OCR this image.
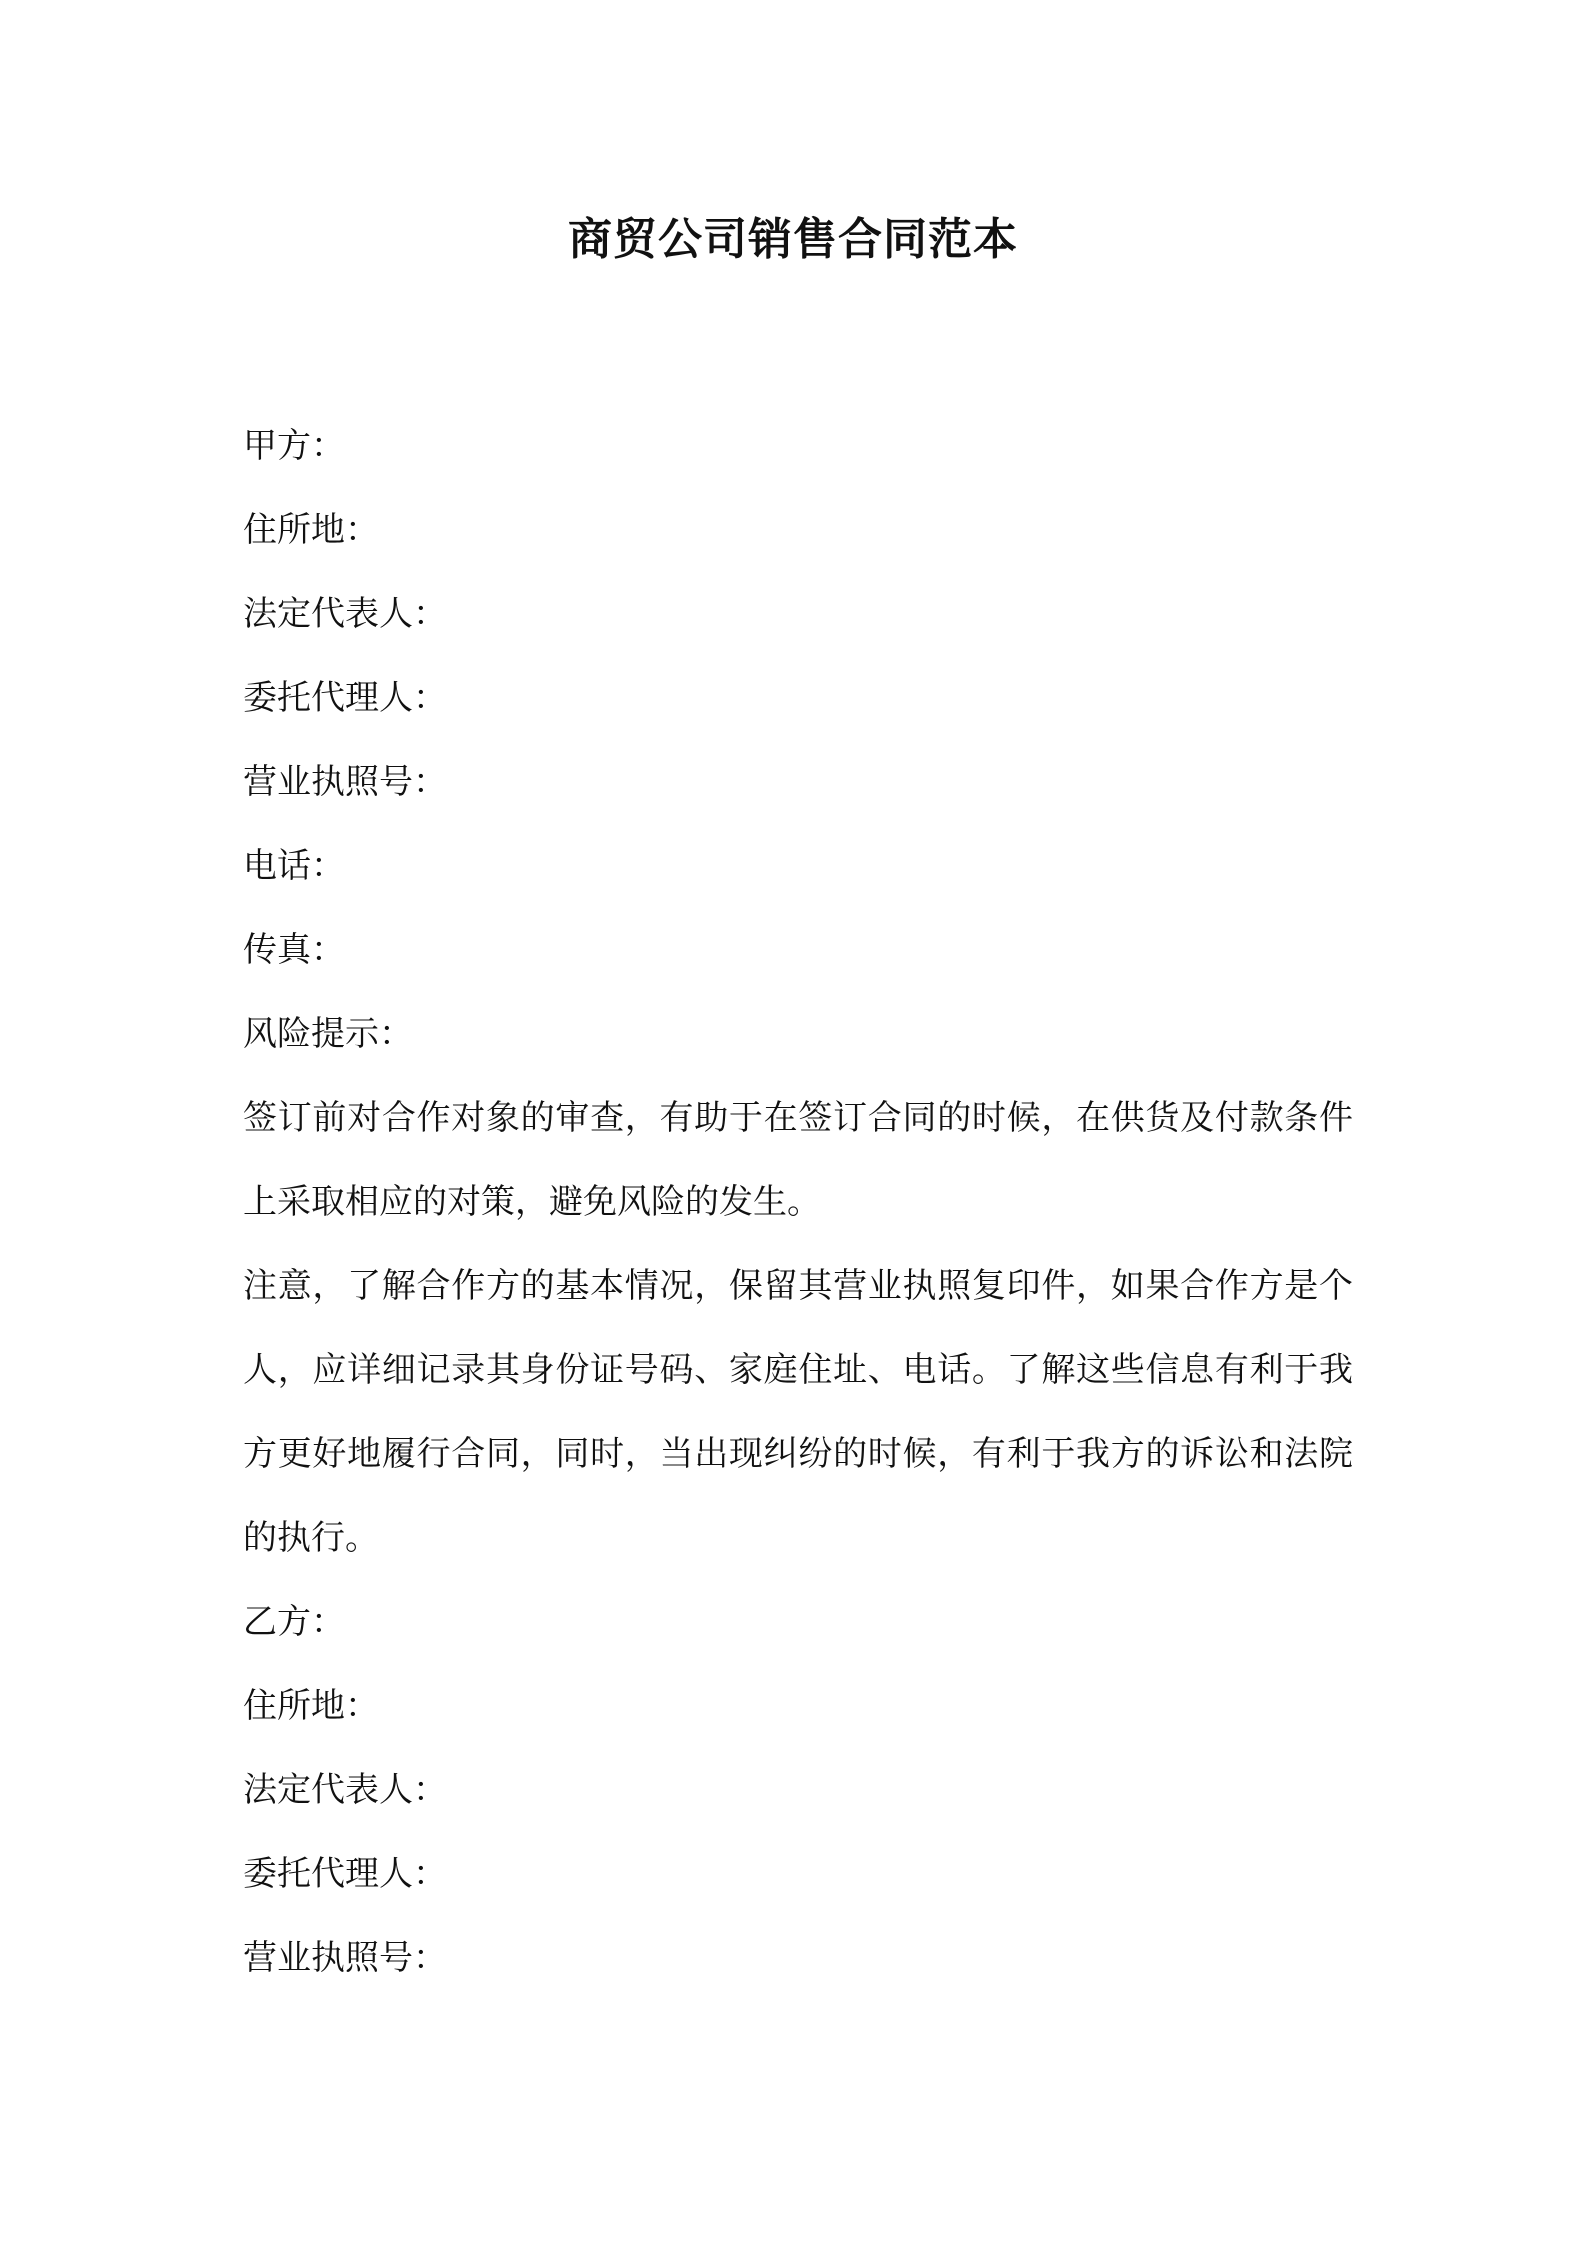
商贸公司销售合同范本

甲方：

住所地：

法定代表人：

委托代理人：

营业执照号：

电话：

传真：

风险提示：

签订前对合作对象的审查，有助于在签订合同的时候，在供货及付款条件上采取相应的对策，避免风险的发生。

注意，了解合作方的基本情况，保留其营业执照复印件，如果合作方是个人，应详细记录其身份证号码、家庭住址、电话。了解这些信息有利于我方更好地履行合同，同时，当出现纠纷的时候，有利于我方的诉讼和法院的执行。

乙方：

住所地：

法定代表人：

委托代理人：

营业执照号：
